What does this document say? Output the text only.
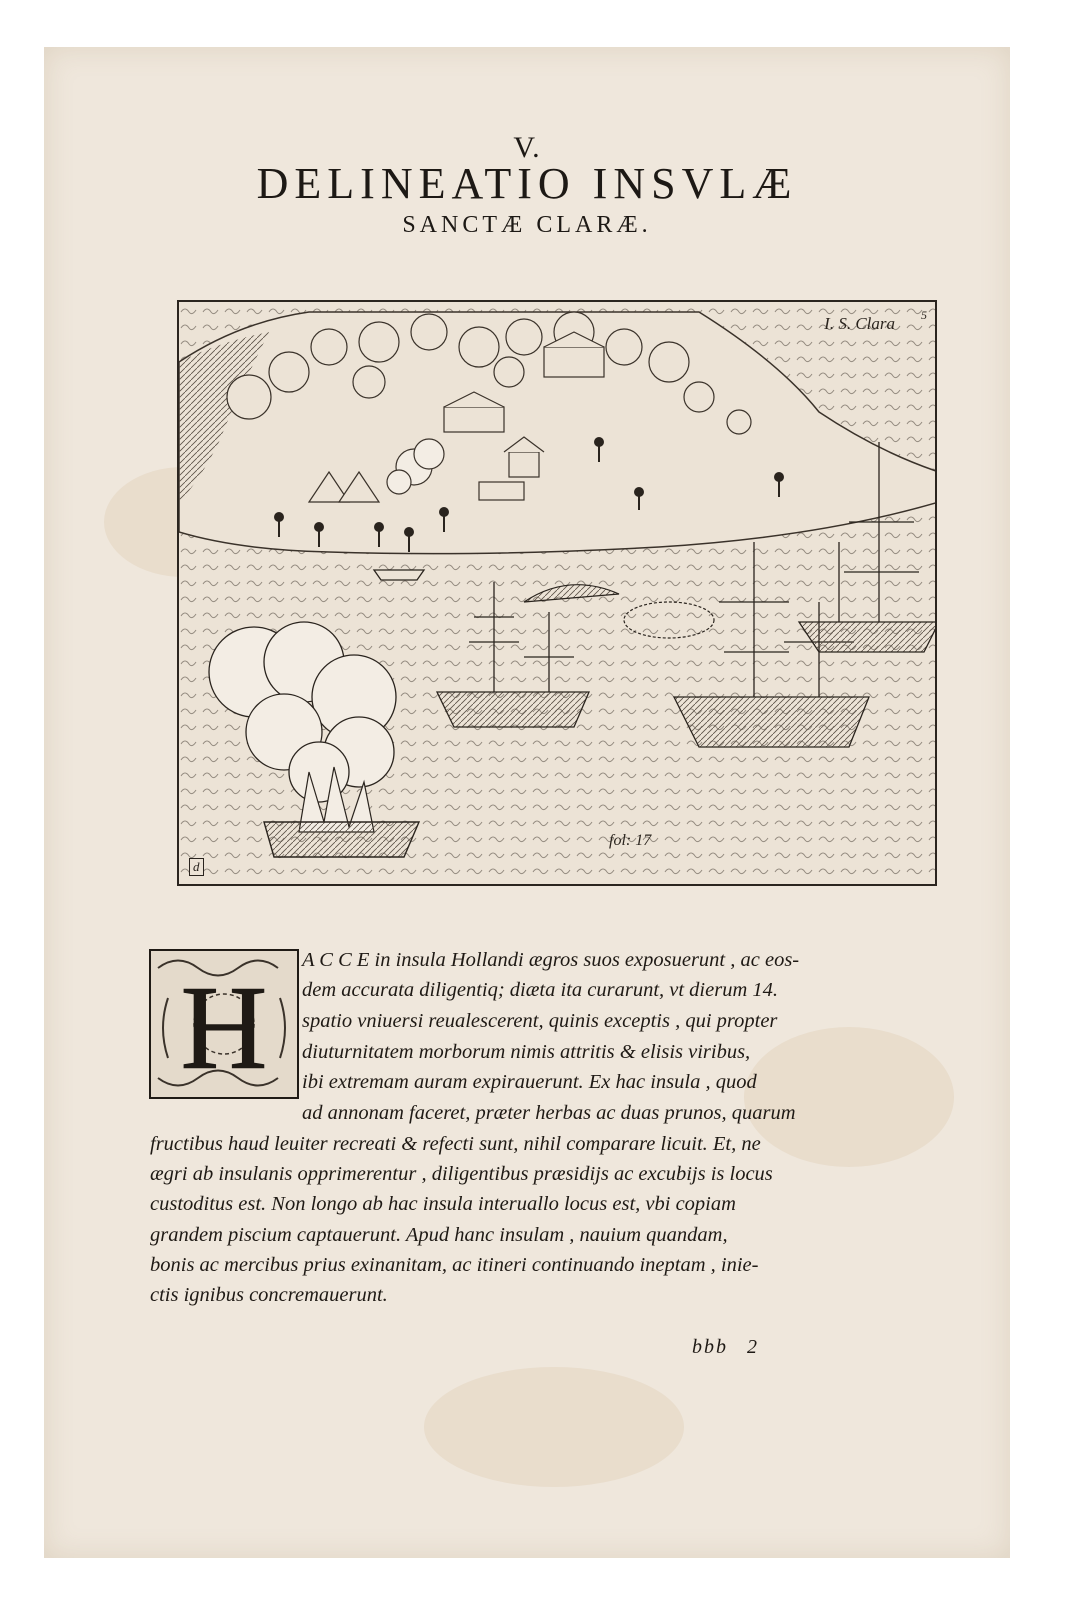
V.
DELINEATIO INSVLÆ
SANCTÆ CLARÆ.
I. S. Clara 5
fol: 17
d
H
A C C E in insula Hollandi ægros suos exposuerunt , ac eos-
dem accurata diligentiq; diæta ita curarunt, vt dierum 14.
spatio vniuersi reualescerent, quinis exceptis , qui propter
diuturnitatem morborum nimis attritis & elisis viribus,
ibi extremam auram expirauerunt. Ex hac insula , quod
ad annonam faceret, præter herbas ac duas prunos, quarum
fructibus haud leuiter recreati & refecti sunt, nihil comparare licuit. Et, ne
ægri ab insulanis opprimerentur , diligentibus præsidijs ac excubijs is locus
custoditus est. Non longo ab hac insula interuallo locus est, vbi copiam
grandem piscium captauerunt. Apud hanc insulam , nauium quandam,
bonis ac mercibus prius exinanitam, ac itineri continuando ineptam , inie-
ctis ignibus concremauerunt.
bbb 2
